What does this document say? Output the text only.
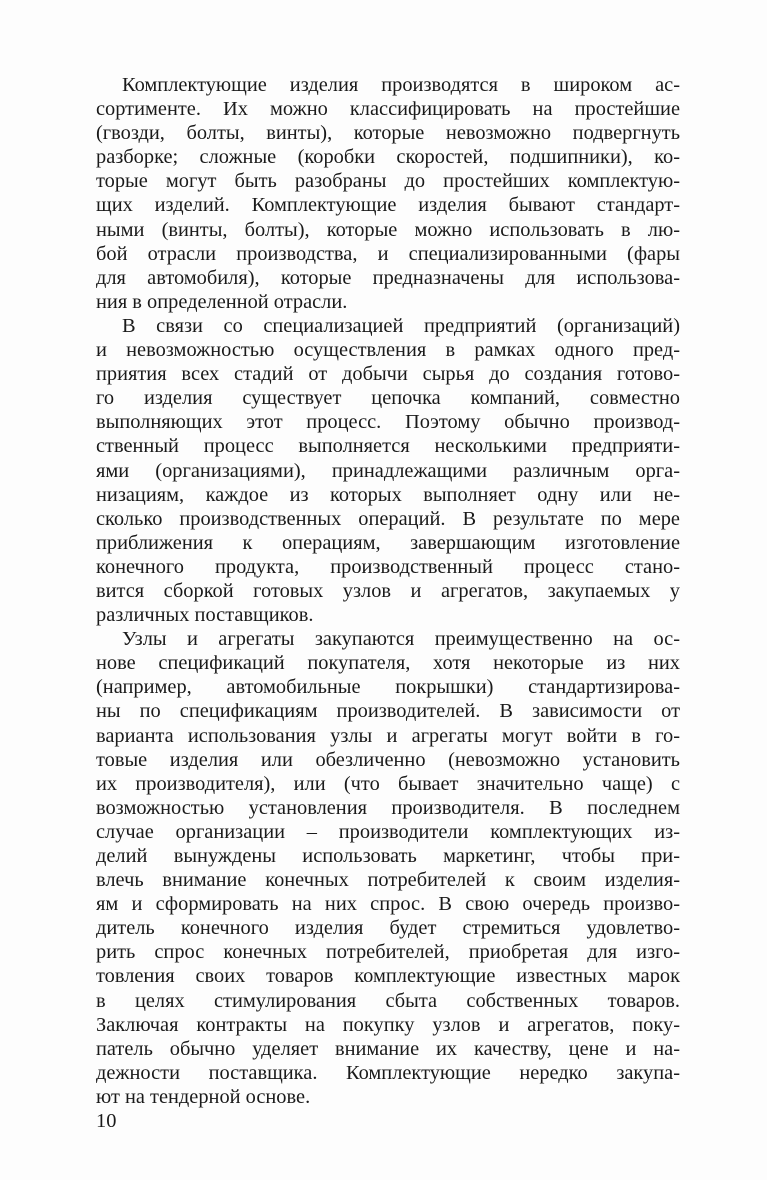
Комплектующие изделия производятся в широком ас-
сортименте. Их можно классифицировать на простейшие
(гвозди, болты, винты), которые невозможно подвергнуть
разборке; сложные (коробки скоростей, подшипники), ко-
торые могут быть разобраны до простейших комплектую-
щих изделий. Комплектующие изделия бывают стандарт-
ными (винты, болты), которые можно использовать в лю-
бой отрасли производства, и специализированными (фары
для автомобиля), которые предназначены для использова-
ния в определенной отрасли.
В связи со специализацией предприятий (организаций)
и невозможностью осуществления в рамках одного пред-
приятия всех стадий от добычи сырья до создания готово-
го изделия существует цепочка компаний, совместно
выполняющих этот процесс. Поэтому обычно производ-
ственный процесс выполняется несколькими предприяти-
ями (организациями), принадлежащими различным орга-
низациям, каждое из которых выполняет одну или не-
сколько производственных операций. В результате по мере
приближения к операциям, завершающим изготовление
конечного продукта, производственный процесс стано-
вится сборкой готовых узлов и агрегатов, закупаемых у
различных поставщиков.
Узлы и агрегаты закупаются преимущественно на ос-
нове спецификаций покупателя, хотя некоторые из них
(например, автомобильные покрышки) стандартизирова-
ны по спецификациям производителей. В зависимости от
варианта использования узлы и агрегаты могут войти в го-
товые изделия или обезличенно (невозможно установить
их производителя), или (что бывает значительно чаще) с
возможностью установления производителя. В последнем
случае организации – производители комплектующих из-
делий вынуждены использовать маркетинг, чтобы при-
влечь внимание конечных потребителей к своим изделия-
ям и сформировать на них спрос. В свою очередь произво-
дитель конечного изделия будет стремиться удовлетво-
рить спрос конечных потребителей, приобретая для изго-
товления своих товаров комплектующие известных марок
в целях стимулирования сбыта собственных товаров.
Заключая контракты на покупку узлов и агрегатов, поку-
патель обычно уделяет внимание их качеству, цене и на-
дежности поставщика. Комплектующие нередко закупа-
ют на тендерной основе.
10
